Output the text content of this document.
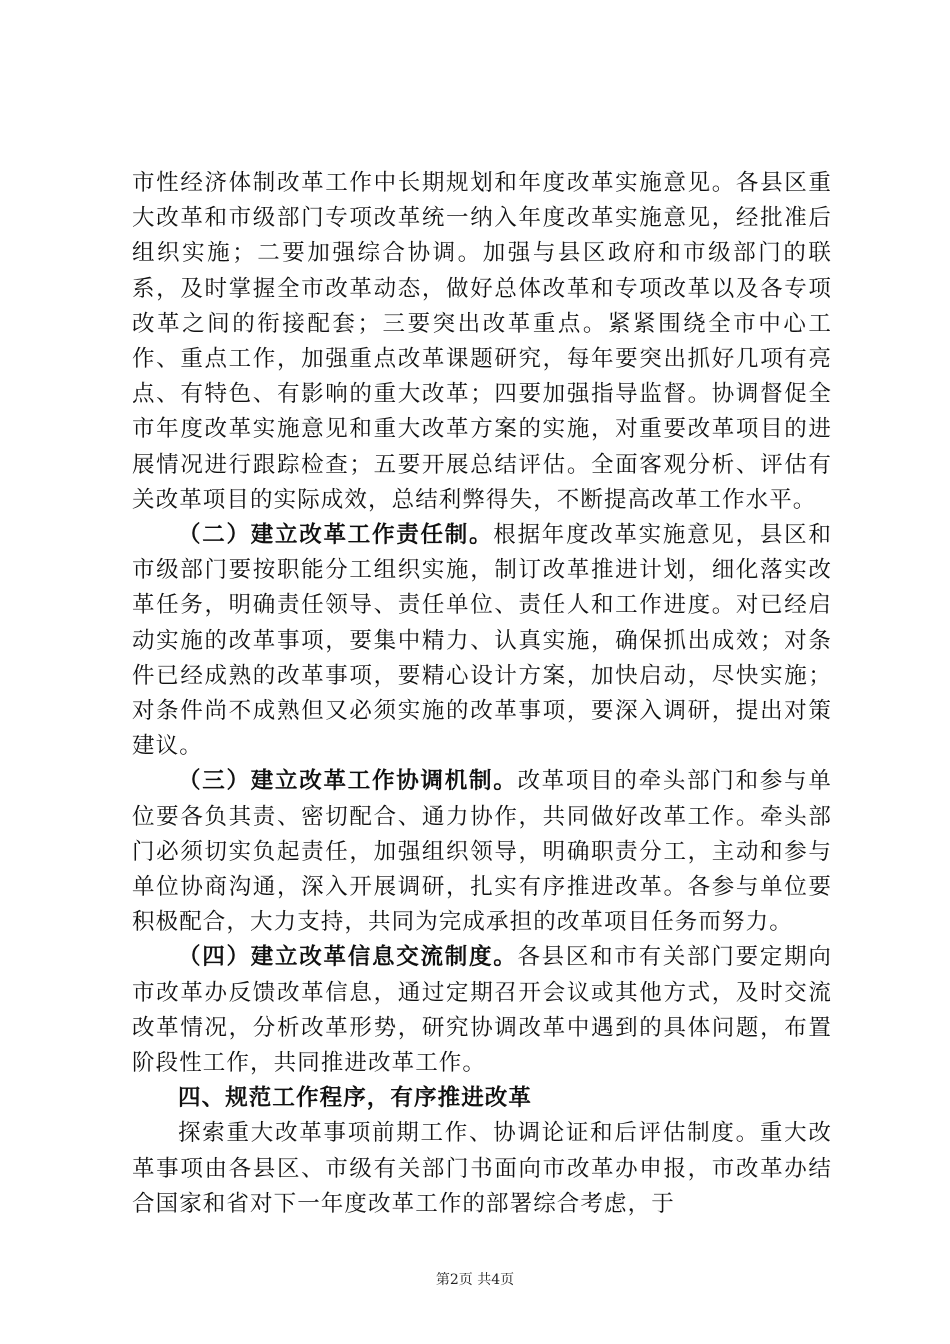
市性经济体制改革工作中长期规划和年度改革实施意见。各县区重大改革和市级部门专项改革统一纳入年度改革实施意见，经批准后组织实施；二要加强综合协调。加强与县区政府和市级部门的联系，及时掌握全市改革动态，做好总体改革和专项改革以及各专项改革之间的衔接配套；三要突出改革重点。紧紧围绕全市中心工作、重点工作，加强重点改革课题研究，每年要突出抓好几项有亮点、有特色、有影响的重大改革；四要加强指导监督。协调督促全市年度改革实施意见和重大改革方案的实施，对重要改革项目的进展情况进行跟踪检查；五要开展总结评估。全面客观分析、评估有关改革项目的实际成效，总结利弊得失，不断提高改革工作水平。

（二）建立改革工作责任制。根据年度改革实施意见，县区和市级部门要按职能分工组织实施，制订改革推进计划，细化落实改革任务，明确责任领导、责任单位、责任人和工作进度。对已经启动实施的改革事项，要集中精力、认真实施，确保抓出成效；对条件已经成熟的改革事项，要精心设计方案，加快启动，尽快实施；对条件尚不成熟但又必须实施的改革事项，要深入调研，提出对策建议。

（三）建立改革工作协调机制。改革项目的牵头部门和参与单位要各负其责、密切配合、通力协作，共同做好改革工作。牵头部门必须切实负起责任，加强组织领导，明确职责分工，主动和参与单位协商沟通，深入开展调研，扎实有序推进改革。各参与单位要积极配合，大力支持，共同为完成承担的改革项目任务而努力。

（四）建立改革信息交流制度。各县区和市有关部门要定期向市改革办反馈改革信息，通过定期召开会议或其他方式，及时交流改革情况，分析改革形势，研究协调改革中遇到的具体问题，布置阶段性工作，共同推进改革工作。

四、规范工作程序，有序推进改革

探索重大改革事项前期工作、协调论证和后评估制度。重大改革事项由各县区、市级有关部门书面向市改革办申报，市改革办结合国家和省对下一年度改革工作的部署综合考虑，于

第2页 共4页
